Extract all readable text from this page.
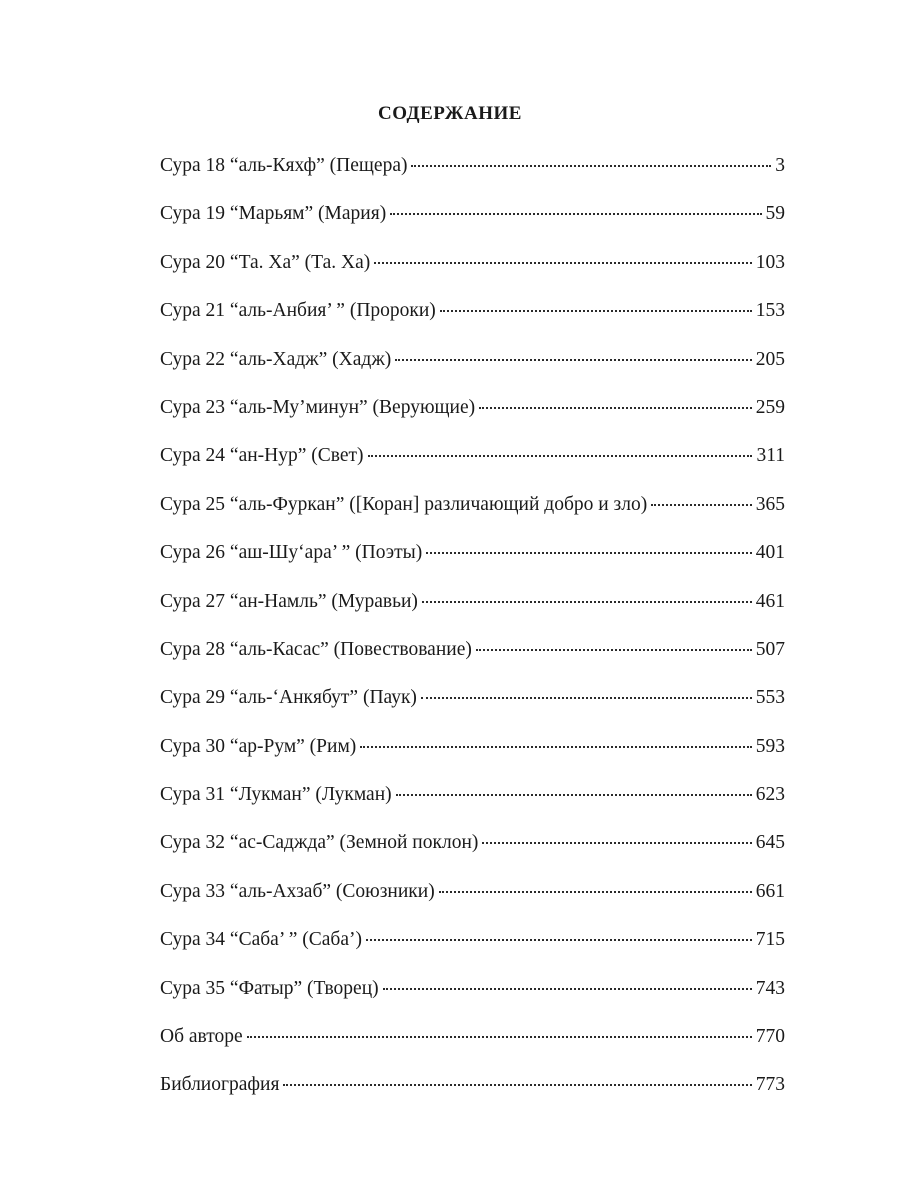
СОДЕРЖАНИЕ
Сура 18 “аль-Кяхф” (Пещера)	3
Сура 19 “Марьям” (Мария)	59
Сура 20 “Та. Ха” (Та. Ха)	103
Сура 21 “аль-Анбия’ ” (Пророки)	153
Сура 22 “аль-Хадж” (Хадж)	205
Сура 23 “аль-Му’минун” (Верующие)	259
Сура 24 “ан-Нур” (Свет)	311
Сура 25 “аль-Фуркан” ([Коран] различающий добро и зло)	365
Сура 26 “аш-Шу‘ара’ ” (Поэты)	401
Сура 27 “ан-Намль” (Муравьи)	461
Сура 28 “аль-Касас” (Повествование)	507
Сура 29 “аль-‘Анкябут” (Паук)	553
Сура 30 “ар-Рум” (Рим)	593
Сура 31 “Лукман” (Лукман)	623
Сура 32 “ас-Саджда” (Земной поклон)	645
Сура 33 “аль-Ахзаб” (Союзники)	661
Сура 34 “Саба’ ” (Саба’)	715
Сура 35 “Фатыр” (Творец)	743
Об авторе	770
Библиография	773
